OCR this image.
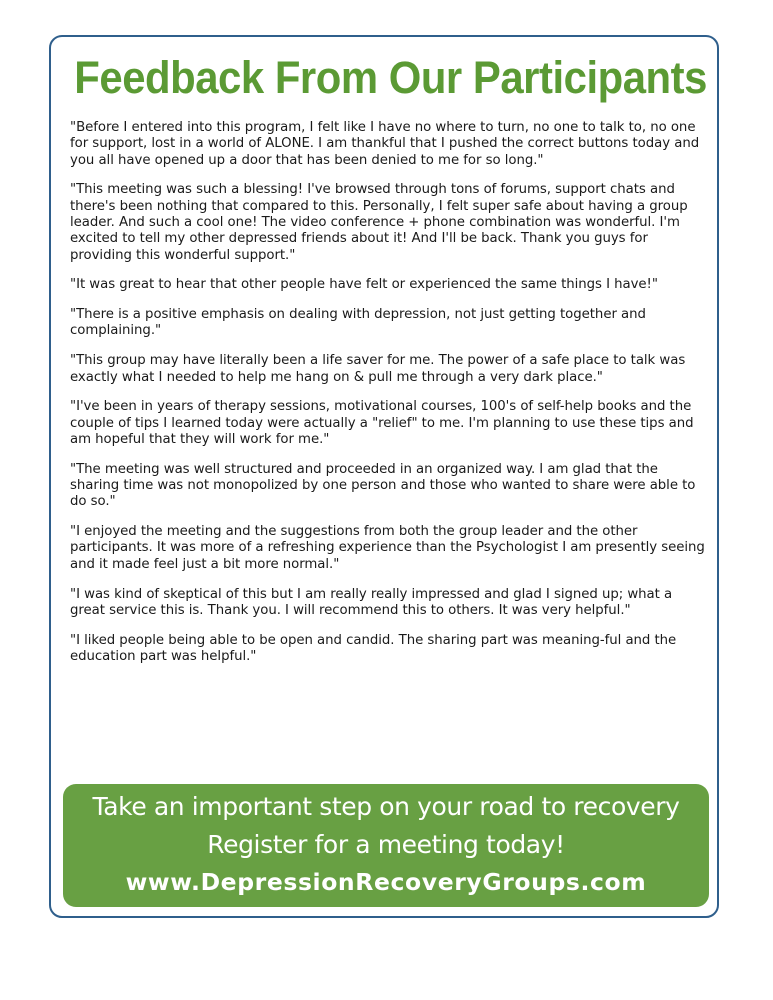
Feedback From Our Participants

"Before I entered into this program, I felt like I have no where to turn, no one to talk to, no one for support, lost in a world of ALONE. I am thankful that I pushed the correct buttons today and you all have opened up a door that has been denied to me for so long."

"This meeting was such a blessing! I've browsed through tons of forums, support chats and there's been nothing that compared to this. Personally, I felt super safe about having a group leader. And such a cool one! The video conference + phone combination was wonderful. I'm excited to tell my other depressed friends about it! And I'll be back. Thank you guys for providing this wonderful support."

"It was great to hear that other people have felt or experienced the same things I have!"

"There is a positive emphasis on dealing with depression, not just getting together and complaining."

"This group may have literally been a life saver for me. The power of a safe place to talk was exactly what I needed to help me hang on & pull me through a very dark place."

"I've been in years of therapy sessions, motivational courses, 100's of self-help books and the couple of tips I learned today were actually a "relief" to me. I'm planning to use these tips and am hopeful that they will work for me."

"The meeting was well structured and proceeded in an organized way. I am glad that the sharing time was not monopolized by one person and those who wanted to share were able to do so."

"I enjoyed the meeting and the suggestions from both the group leader and the other participants. It was more of a refreshing experience than the Psychologist I am presently seeing and it made feel just a bit more normal."

"I was kind of skeptical of this but I am really really impressed and glad I signed up; what a great service this is. Thank you. I will recommend this to others. It was very helpful."

"I liked people being able to be open and candid. The sharing part was meaning-ful and the education part was helpful."

Take an important step on your road to recovery
Register for a meeting today!
www.DepressionRecoveryGroups.com
